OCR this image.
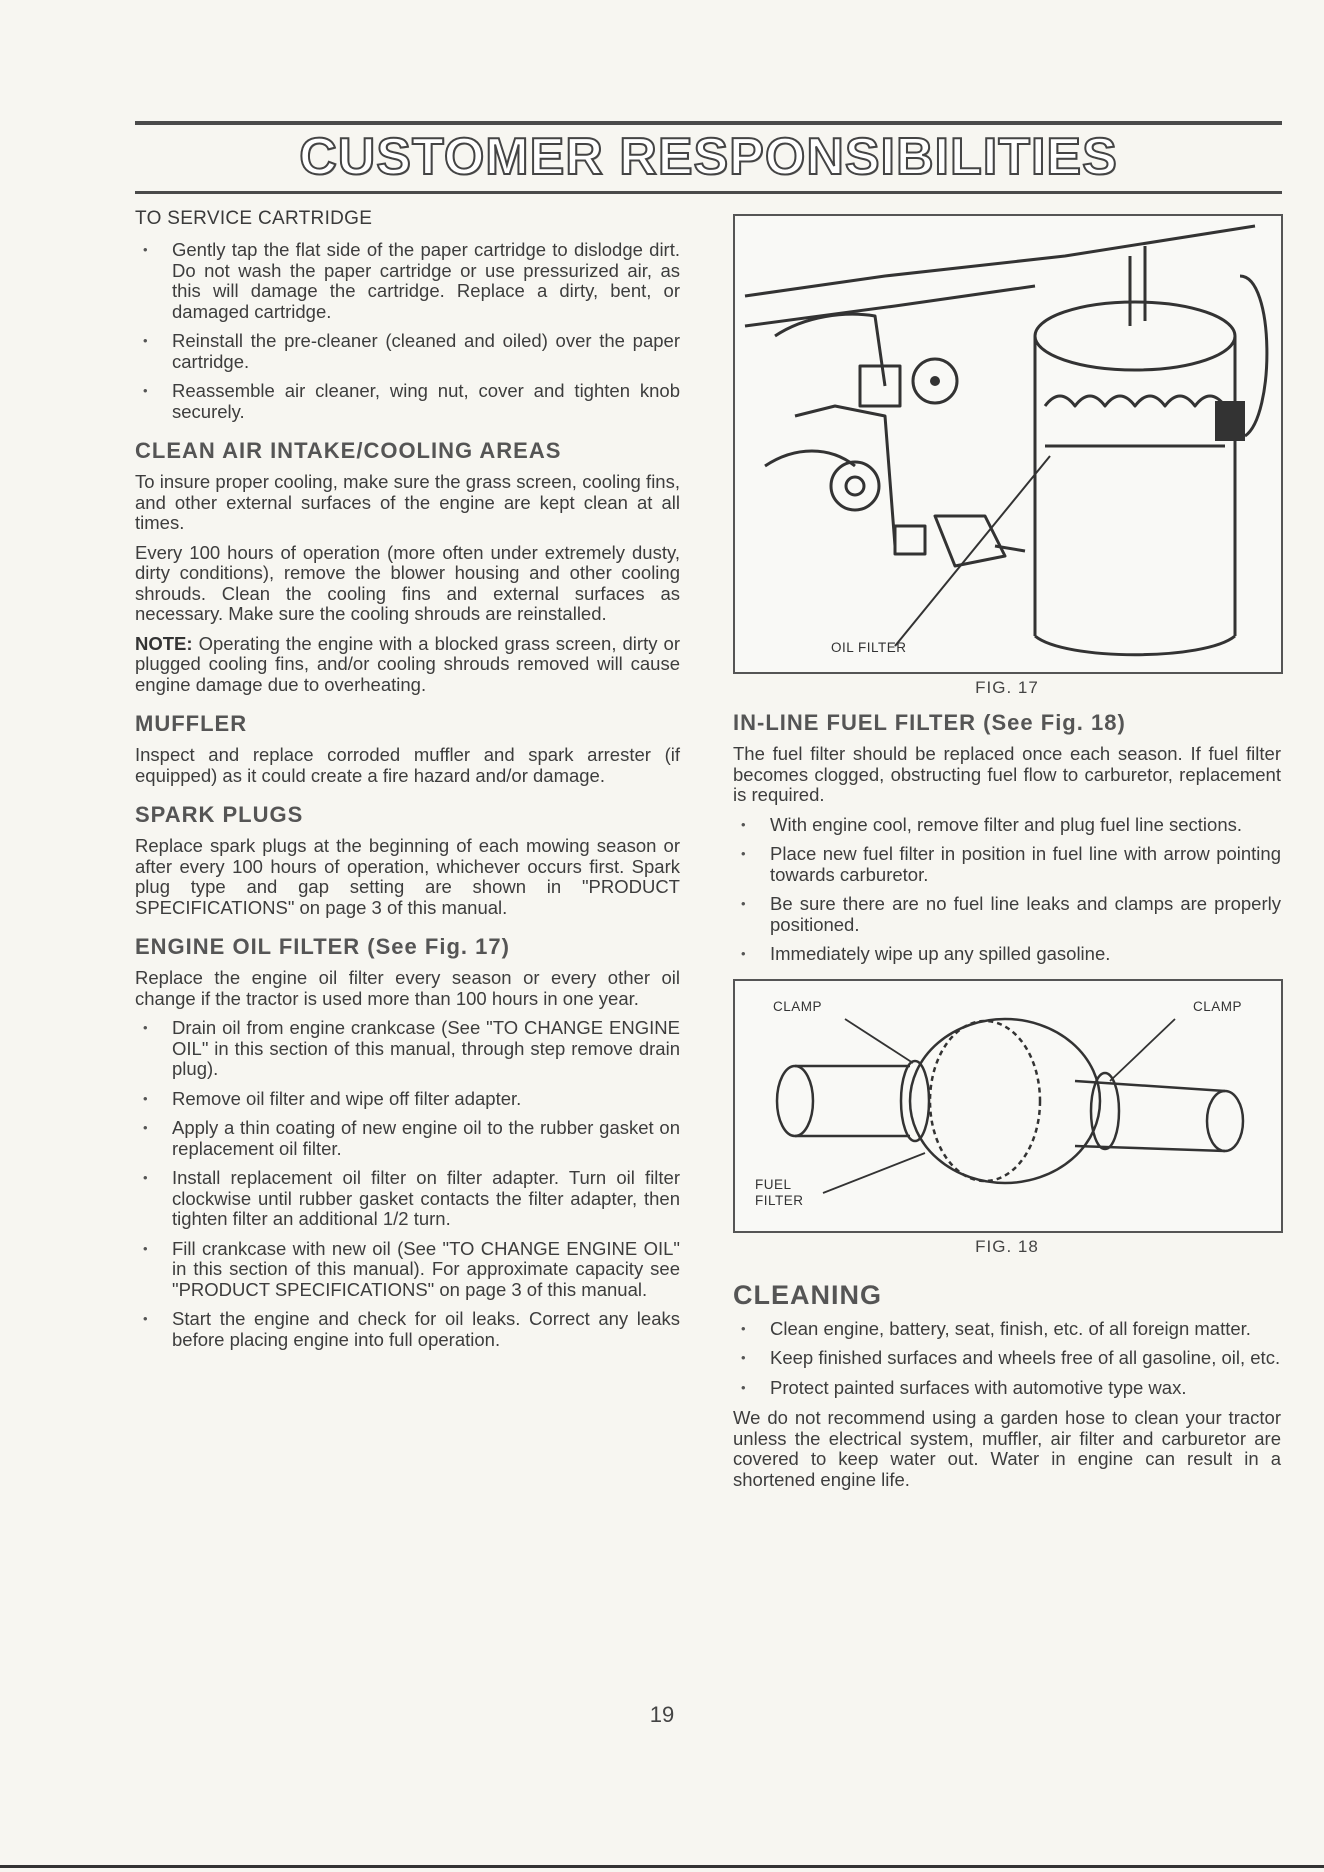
CUSTOMER RESPONSIBILITIES
TO SERVICE CARTRIDGE
• Gently tap the flat side of the paper cartridge to dislodge dirt. Do not wash the paper cartridge or use pressurized air, as this will damage the cartridge. Replace a dirty, bent, or damaged cartridge.
• Reinstall the pre-cleaner (cleaned and oiled) over the paper cartridge.
• Reassemble air cleaner, wing nut, cover and tighten knob securely.
CLEAN AIR INTAKE/COOLING AREAS

To insure proper cooling, make sure the grass screen, cooling fins, and other external surfaces of the engine are kept clean at all times.

Every 100 hours of operation (more often under extremely dusty, dirty conditions), remove the blower housing and other cooling shrouds. Clean the cooling fins and external surfaces as necessary. Make sure the cooling shrouds are reinstalled.

NOTE: Operating the engine with a blocked grass screen, dirty or plugged cooling fins, and/or cooling shrouds removed will cause engine damage due to overheating.

MUFFLER

Inspect and replace corroded muffler and spark arrester (if equipped) as it could create a fire hazard and/or damage.

SPARK PLUGS

Replace spark plugs at the beginning of each mowing season or after every 100 hours of operation, whichever occurs first. Spark plug type and gap setting are shown in "PRODUCT SPECIFICATIONS" on page 3 of this manual.

ENGINE OIL FILTER (See Fig. 17)

Replace the engine oil filter every season or every other oil change if the tractor is used more than 100 hours in one year.

• Drain oil from engine crankcase (See "TO CHANGE ENGINE OIL" in this section of this manual, through step remove drain plug).
• Remove oil filter and wipe off filter adapter.
• Apply a thin coating of new engine oil to the rubber gasket on replacement oil filter.
• Install replacement oil filter on filter adapter. Turn oil filter clockwise until rubber gasket contacts the filter adapter, then tighten filter an additional 1/2 turn.
• Fill crankcase with new oil (See "TO CHANGE ENGINE OIL" in this section of this manual). For approximate capacity see "PRODUCT SPECIFICATIONS" on page 3 of this manual.
• Start the engine and check for oil leaks. Correct any leaks before placing engine into full operation.
OIL FILTER
FIG. 17
IN-LINE FUEL FILTER (See Fig. 18)

The fuel filter should be replaced once each season. If fuel filter becomes clogged, obstructing fuel flow to carburetor, replacement is required.

• With engine cool, remove filter and plug fuel line sections.
• Place new fuel filter in position in fuel line with arrow pointing towards carburetor.
• Be sure there are no fuel line leaks and clamps are properly positioned.
• Immediately wipe up any spilled gasoline.
CLAMP	CLAMP
FUEL
FILTER
FIG. 18
CLEANING
• Clean engine, battery, seat, finish, etc. of all foreign matter.
• Keep finished surfaces and wheels free of all gasoline, oil, etc.
• Protect painted surfaces with automotive type wax.

We do not recommend using a garden hose to clean your tractor unless the electrical system, muffler, air filter and carburetor are covered to keep water out. Water in engine can result in a shortened engine life.

19
